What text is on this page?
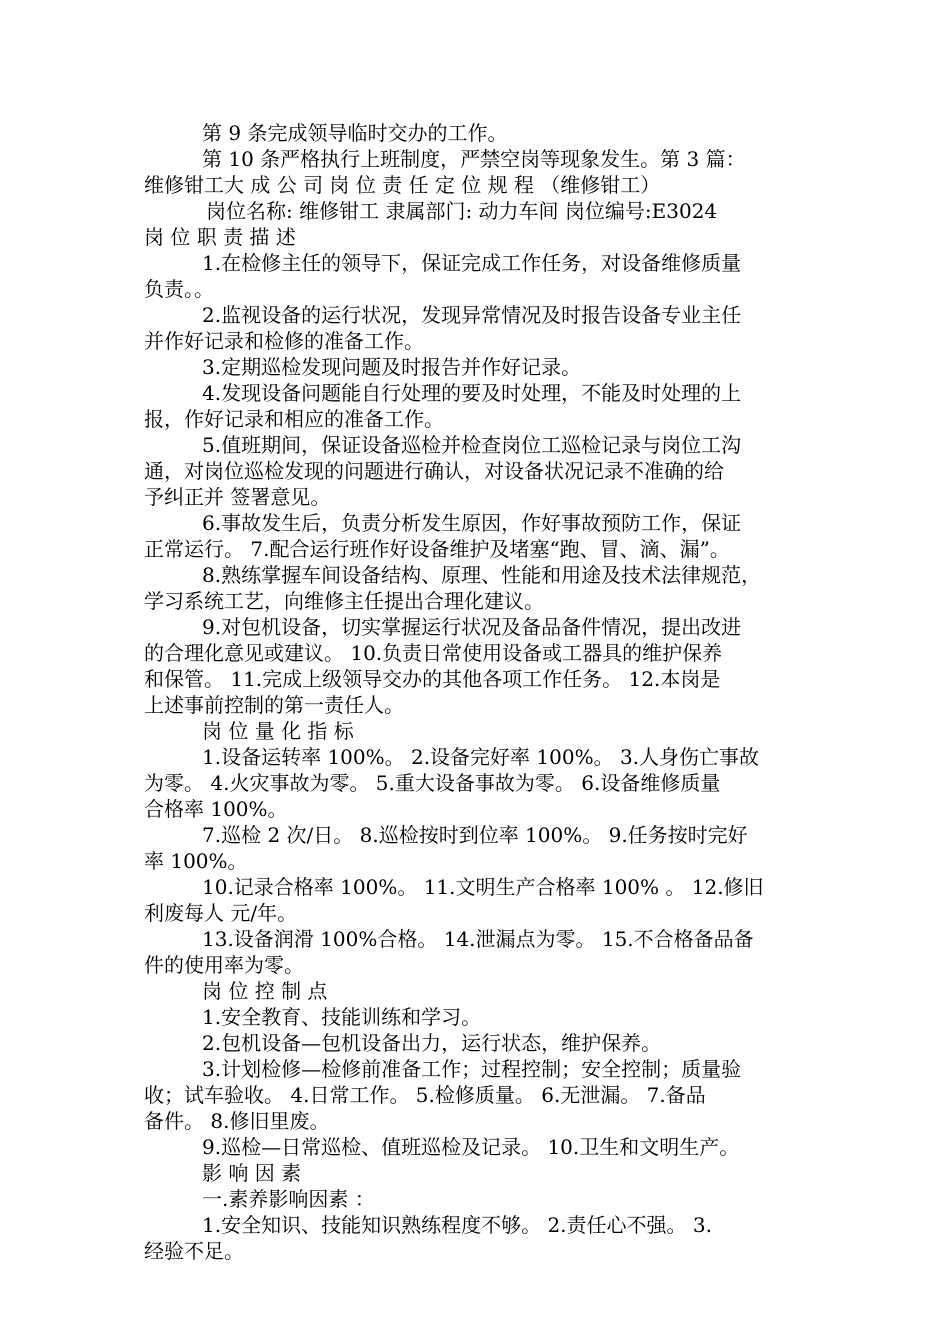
第 9 条完成领导临时交办的工作。
第 10 条严格执行上班制度，严禁空岗等现象发生。第 3 篇：
维修钳工大 成 公 司 岗 位 责 任 定 位 规 程 （维修钳工）
岗位名称: 维修钳工 隶属部门: 动力车间 岗位编号:E3024
岗 位 职 责 描 述
1.在检修主任的领导下，保证完成工作任务，对设备维修质量
负责。。
2.监视设备的运行状况，发现异常情况及时报告设备专业主任
并作好记录和检修的准备工作。
3.定期巡检发现问题及时报告并作好记录。
4.发现设备问题能自行处理的要及时处理，不能及时处理的上
报，作好记录和相应的准备工作。
5.值班期间，保证设备巡检并检查岗位工巡检记录与岗位工沟
通，对岗位巡检发现的问题进行确认，对设备状况记录不准确的给
予纠正并 签署意见。
6.事故发生后，负责分析发生原因，作好事故预防工作，保证
正常运行。 7.配合运行班作好设备维护及堵塞“跑、冒、滴、漏”。
8.熟练掌握车间设备结构、原理、性能和用途及技术法律规范，
学习系统工艺，向维修主任提出合理化建议。
9.对包机设备，切实掌握运行状况及备品备件情况，提出改进
的合理化意见或建议。 10.负责日常使用设备或工器具的维护保养
和保管。 11.完成上级领导交办的其他各项工作任务。 12.本岗是
上述事前控制的第一责任人。
岗 位 量 化 指 标
1.设备运转率 100%。 2.设备完好率 100%。 3.人身伤亡事故
为零。 4.火灾事故为零。 5.重大设备事故为零。 6.设备维修质量
合格率 100%。
7.巡检 2 次/日。 8.巡检按时到位率 100%。 9.任务按时完好
率 100%。
10.记录合格率 100%。 11.文明生产合格率 100% 。 12.修旧
利废每人 元/年。
13.设备润滑 100%合格。 14.泄漏点为零。 15.不合格备品备
件的使用率为零。
岗 位 控 制 点
1.安全教育、技能训练和学习。
2.包机设备—包机设备出力，运行状态，维护保养。
3.计划检修—检修前准备工作；过程控制；安全控制；质量验
收；试车验收。 4.日常工作。 5.检修质量。 6.无泄漏。 7.备品
备件。 8.修旧里废。
9.巡检—日常巡检、值班巡检及记录。 10.卫生和文明生产。
影 响 因 素
一.素养影响因素 ：
1.安全知识、技能知识熟练程度不够。 2.责任心不强。 3.
经验不足。
